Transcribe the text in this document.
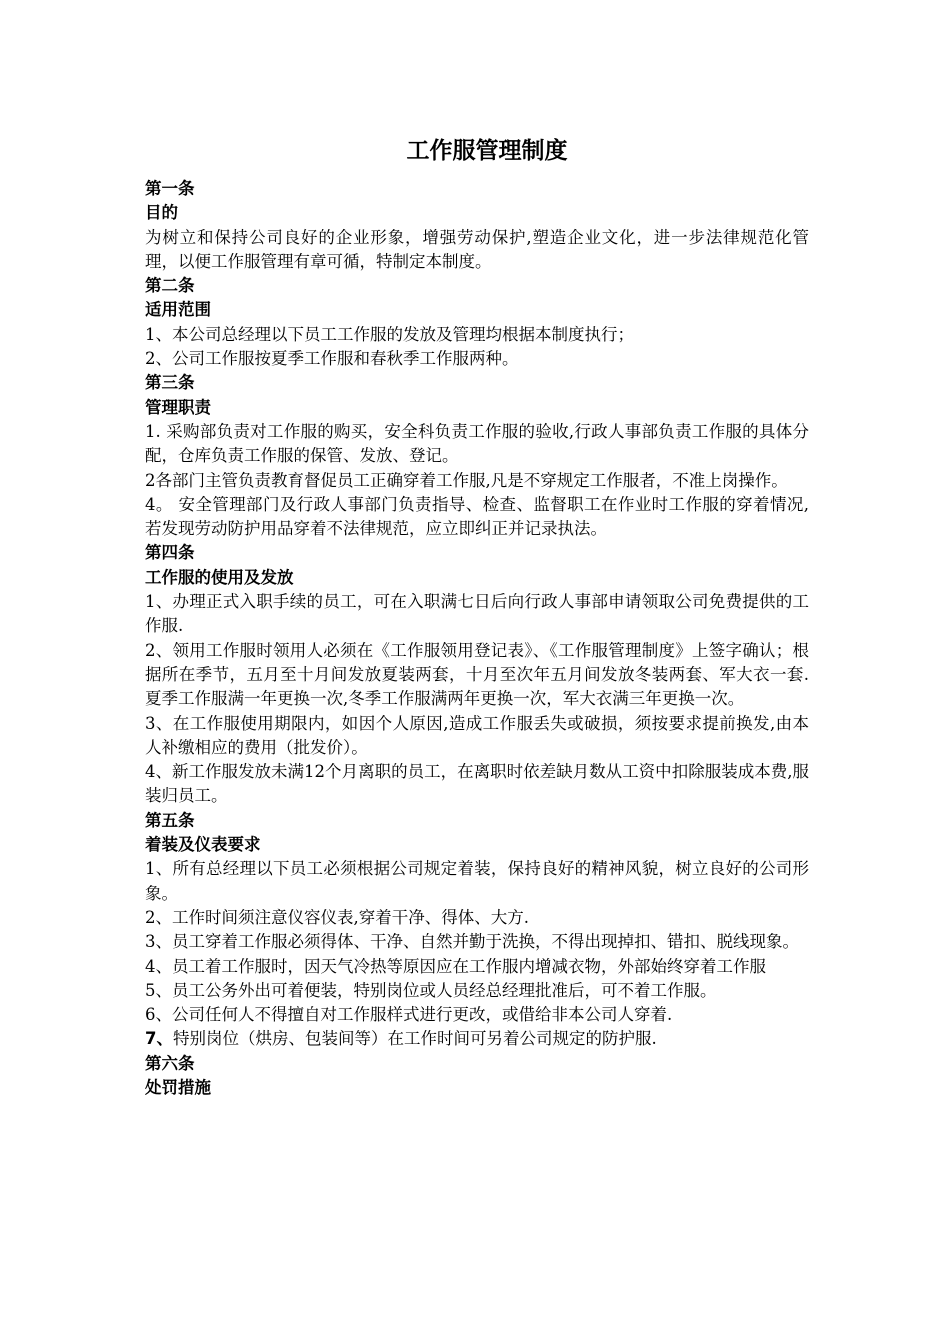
工作服管理制度
第一条
目的
为树立和保持公司良好的企业形象，增强劳动保护,塑造企业文化，进一步法律规范化管理，以便工作服管理有章可循，特制定本制度。
第二条
适用范围
1、本公司总经理以下员工工作服的发放及管理均根据本制度执行；
2、公司工作服按夏季工作服和春秋季工作服两种。
第三条
管理职责
1. 采购部负责对工作服的购买，安全科负责工作服的验收,行政人事部负责工作服的具体分配，仓库负责工作服的保管、发放、登记。
2各部门主管负责教育督促员工正确穿着工作服,凡是不穿规定工作服者，不准上岗操作。
4。 安全管理部门及行政人事部门负责指导、检查、监督职工在作业时工作服的穿着情况,若发现劳动防护用品穿着不法律规范，应立即纠正并记录执法。
第四条
工作服的使用及发放
1、办理正式入职手续的员工，可在入职满七日后向行政人事部申请领取公司免费提供的工作服.
2、领用工作服时领用人必须在《工作服领用登记表》、《工作服管理制度》上签字确认；根据所在季节，五月至十月间发放夏装两套，十月至次年五月间发放冬装两套、军大衣一套.夏季工作服满一年更换一次,冬季工作服满两年更换一次，军大衣满三年更换一次。
3、在工作服使用期限内，如因个人原因,造成工作服丢失或破损，须按要求提前换发,由本人补缴相应的费用（批发价）。
4、新工作服发放未满12个月离职的员工，在离职时依差缺月数从工资中扣除服装成本费,服装归员工。
第五条
着装及仪表要求
1、所有总经理以下员工必须根据公司规定着装，保持良好的精神风貌，树立良好的公司形象。
2、工作时间须注意仪容仪表,穿着干净、得体、大方.
3、员工穿着工作服必须得体、干净、自然并勤于洗换，不得出现掉扣、错扣、脱线现象。
4、员工着工作服时，因天气冷热等原因应在工作服内增减衣物，外部始终穿着工作服
5、员工公务外出可着便装，特别岗位或人员经总经理批准后，可不着工作服。
6、公司任何人不得擅自对工作服样式进行更改，或借给非本公司人穿着.
7、特别岗位（烘房、包装间等）在工作时间可另着公司规定的防护服.
第六条
处罚措施
